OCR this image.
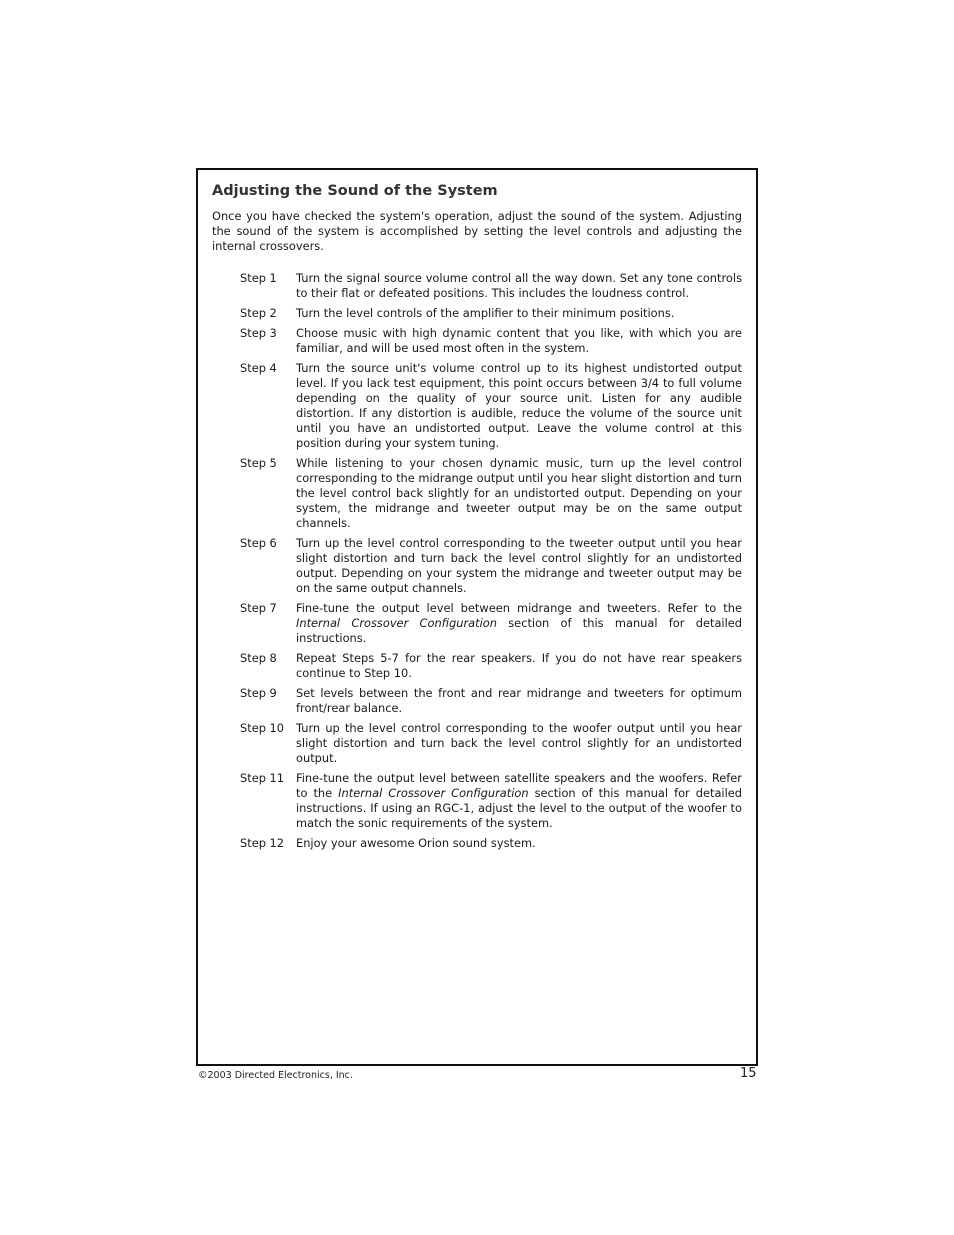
Adjusting the Sound of the System

Once you have checked the system's operation, adjust the sound of the system. Adjusting the sound of the system is accomplished by setting the level controls and adjusting the internal crossovers.

Step 1	Turn the signal source volume control all the way down. Set any tone controls to their flat or defeated positions. This includes the loudness control.
Step 2	Turn the level controls of the amplifier to their minimum positions.
Step 3	Choose music with high dynamic content that you like, with which you are familiar, and will be used most often in the system.
Step 4	Turn the source unit's volume control up to its highest undistorted output level. If you lack test equipment, this point occurs between 3/4 to full volume depending on the quality of your source unit. Listen for any audible distortion. If any distortion is audible, reduce the volume of the source unit until you have an undistorted output. Leave the volume control at this position during your system tuning.
Step 5	While listening to your chosen dynamic music, turn up the level control corresponding to the midrange output until you hear slight distortion and turn the level control back slightly for an undistorted output. Depending on your system, the midrange and tweeter output may be on the same output channels.
Step 6	Turn up the level control corresponding to the tweeter output until you hear slight distortion and turn back the level control slightly for an undistorted output. Depending on your system the midrange and tweeter output may be on the same output channels.
Step 7	Fine-tune the output level between midrange and tweeters. Refer to the Internal Crossover Configuration section of this manual for detailed instructions.
Step 8	Repeat Steps 5-7 for the rear speakers. If you do not have rear speakers continue to Step 10.
Step 9	Set levels between the front and rear midrange and tweeters for optimum front/rear balance.
Step 10	Turn up the level control corresponding to the woofer output until you hear slight distortion and turn back the level control slightly for an undistorted output.
Step 11	Fine-tune the output level between satellite speakers and the woofers. Refer to the Internal Crossover Configuration section of this manual for detailed instructions. If using an RGC-1, adjust the level to the output of the woofer to match the sonic requirements of the system.
Step 12	Enjoy your awesome Orion sound system.
©2003 Directed Electronics, Inc.	15
